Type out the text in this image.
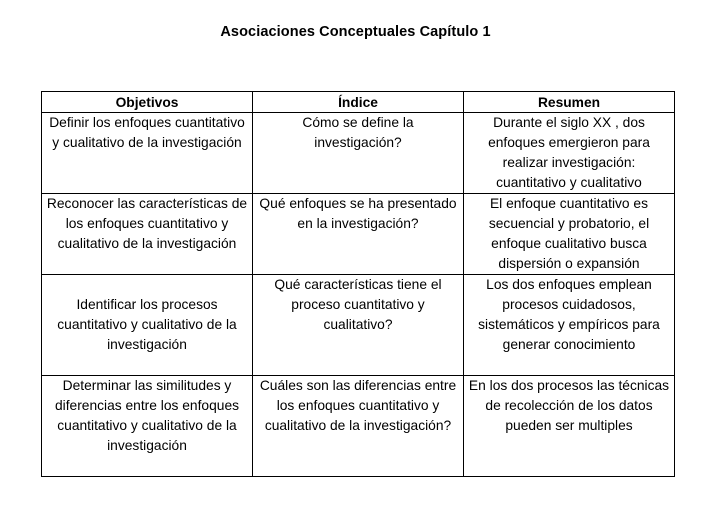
Asociaciones Conceptuales Capítulo 1
Objetivos	Índice	Resumen

Definir los enfoques cuantitativo y cualitativo de la investigación	Cómo se define la investigación?	Durante el siglo XX , dos enfoques emergieron para realizar investigación: cuantitativo y cualitativo

Reconocer las características de los enfoques cuantitativo y cualitativo de la investigación	Qué enfoques se ha presentado en la investigación?	El enfoque cuantitativo es secuencial y probatorio, el enfoque cualitativo busca dispersión o expansión

Identificar los procesos cuantitativo y cualitativo de la investigación	Qué características tiene el proceso cuantitativo y cualitativo?	Los dos enfoques emplean procesos cuidadosos, sistemáticos y empíricos para generar conocimiento

Determinar las similitudes y diferencias entre los enfoques cuantitativo y cualitativo de la investigación	Cuáles son las diferencias entre los enfoques cuantitativo y cualitativo de la investigación?	En los dos procesos las técnicas de recolección de los datos pueden ser multiples
